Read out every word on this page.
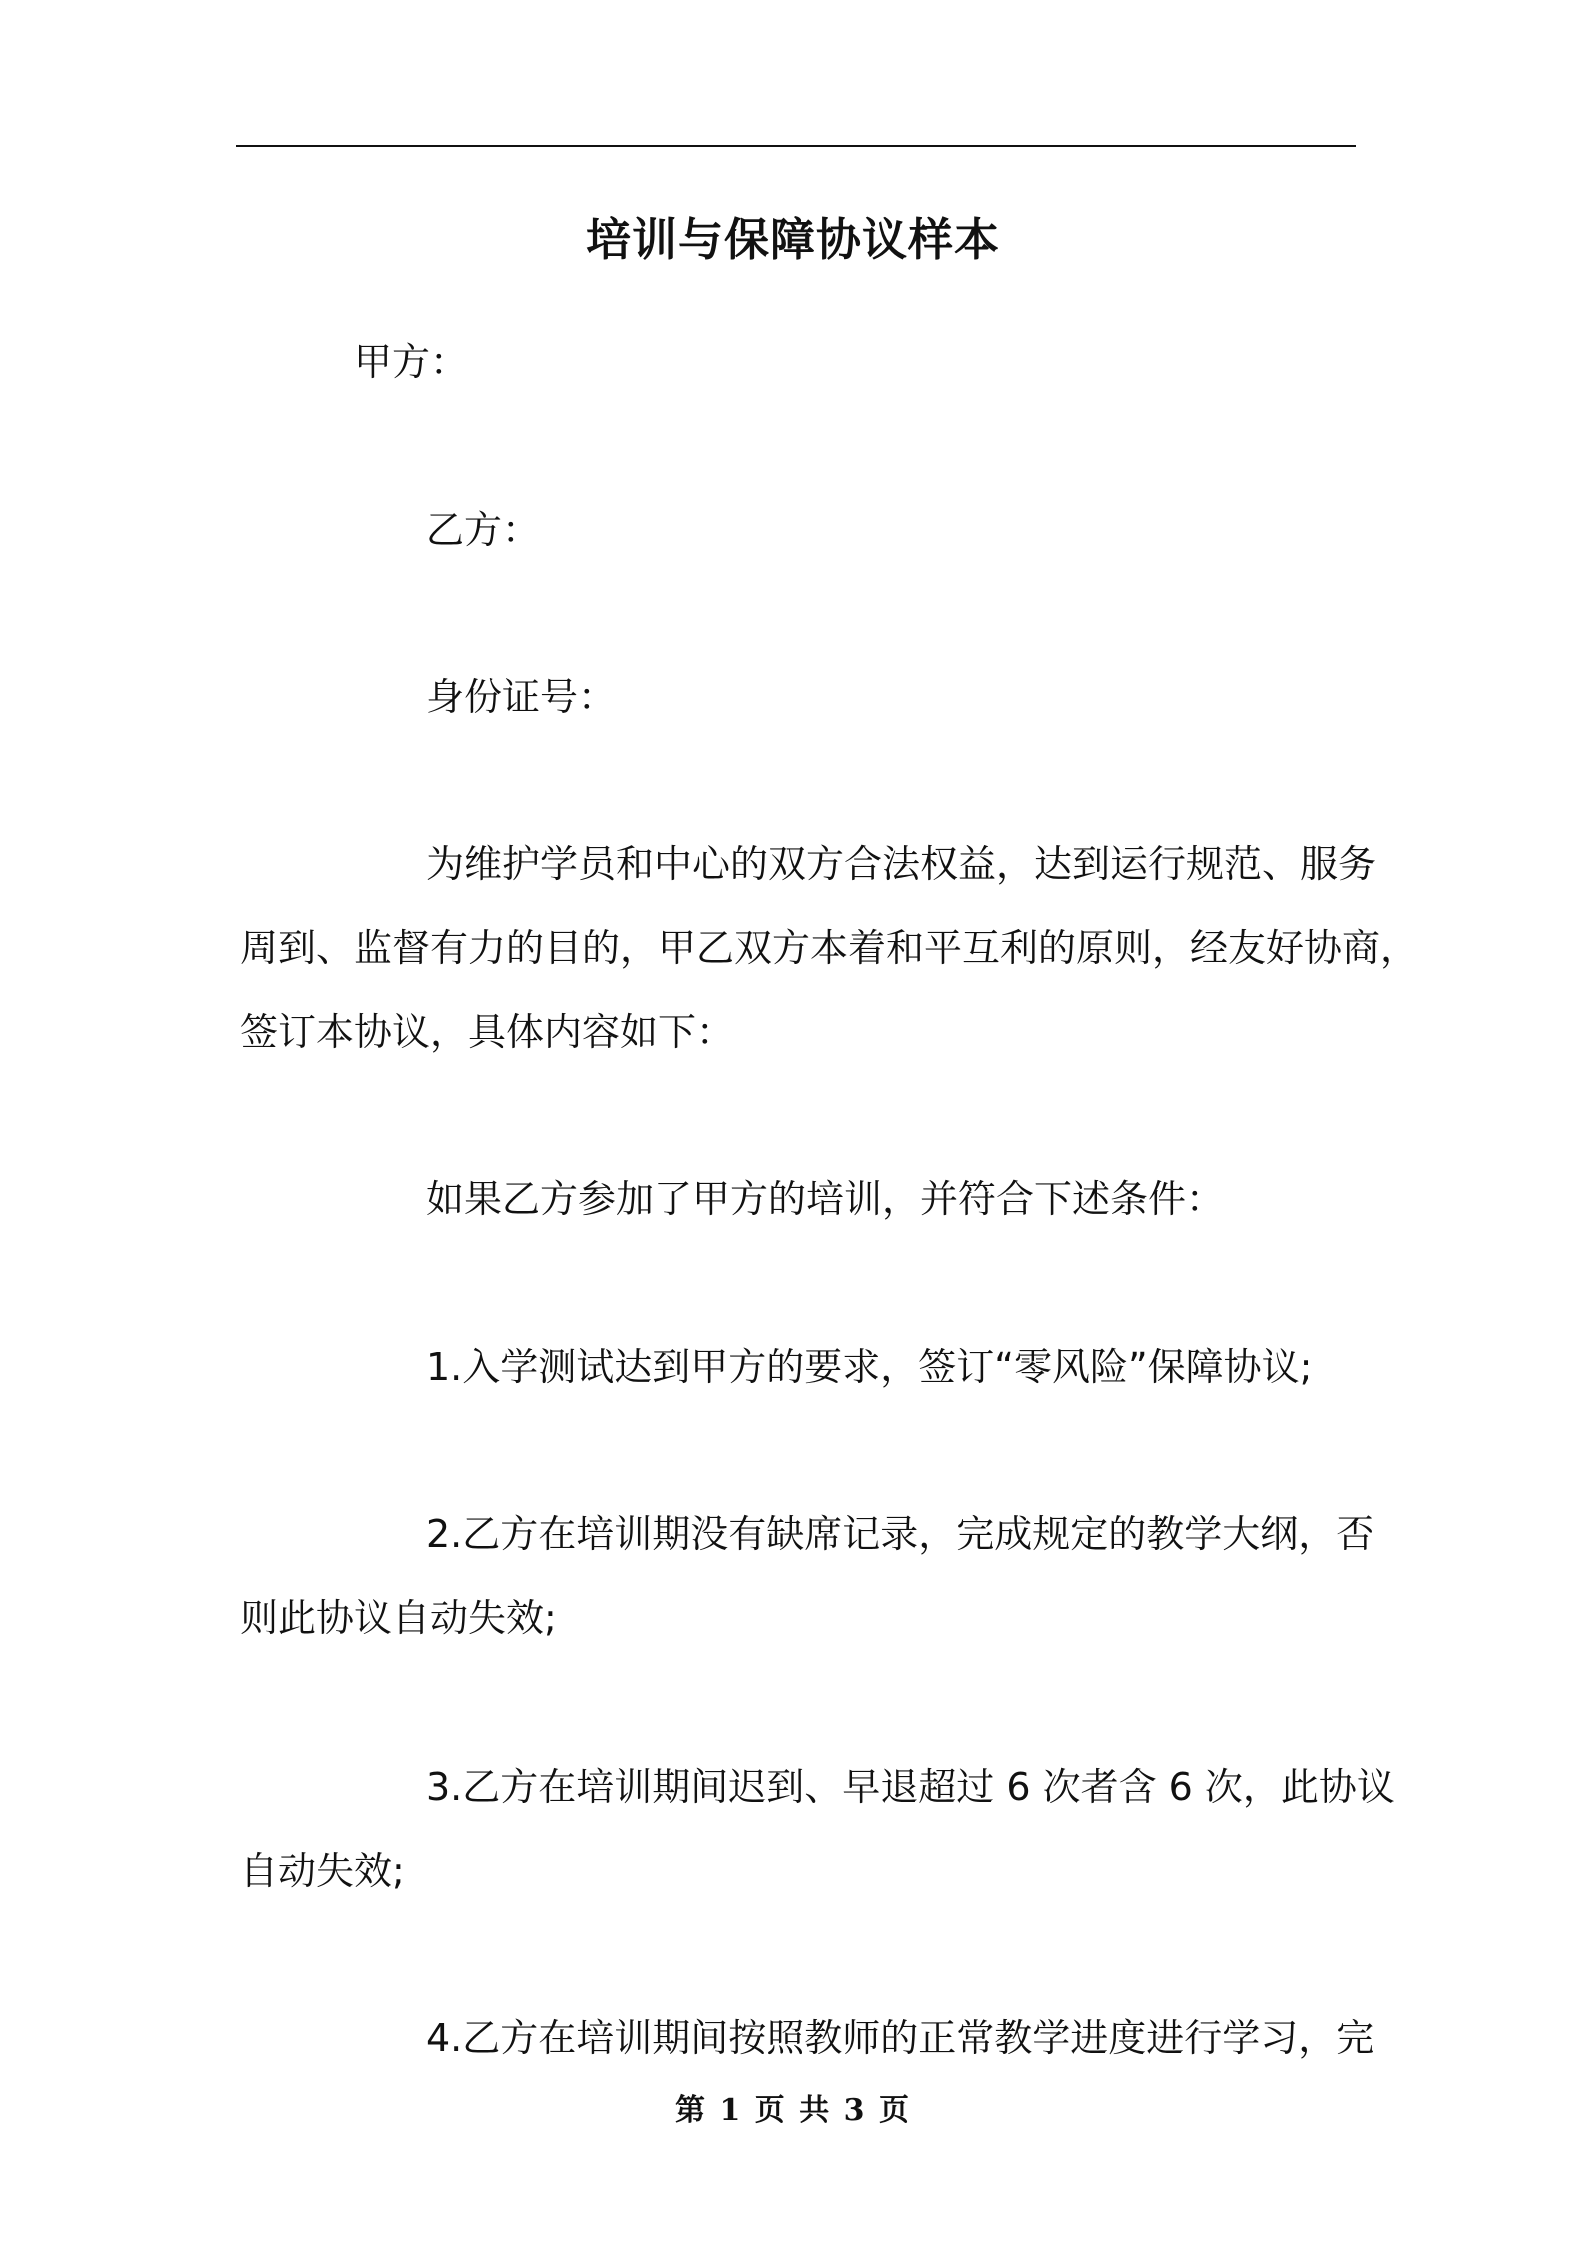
培训与保障协议样本
甲方：
乙方：
身份证号：
为维护学员和中心的双方合法权益，达到运行规范、服务
周到、监督有力的目的，甲乙双方本着和平互利的原则，经友好协商，
签订本协议，具体内容如下：
如果乙方参加了甲方的培训，并符合下述条件：
1.入学测试达到甲方的要求，签订“零风险”保障协议;
2.乙方在培训期没有缺席记录，完成规定的教学大纲，否
则此协议自动失效;
3.乙方在培训期间迟到、早退超过 6 次者含 6 次，此协议
自动失效;
4.乙方在培训期间按照教师的正常教学进度进行学习，完
第 1 页 共 3 页
